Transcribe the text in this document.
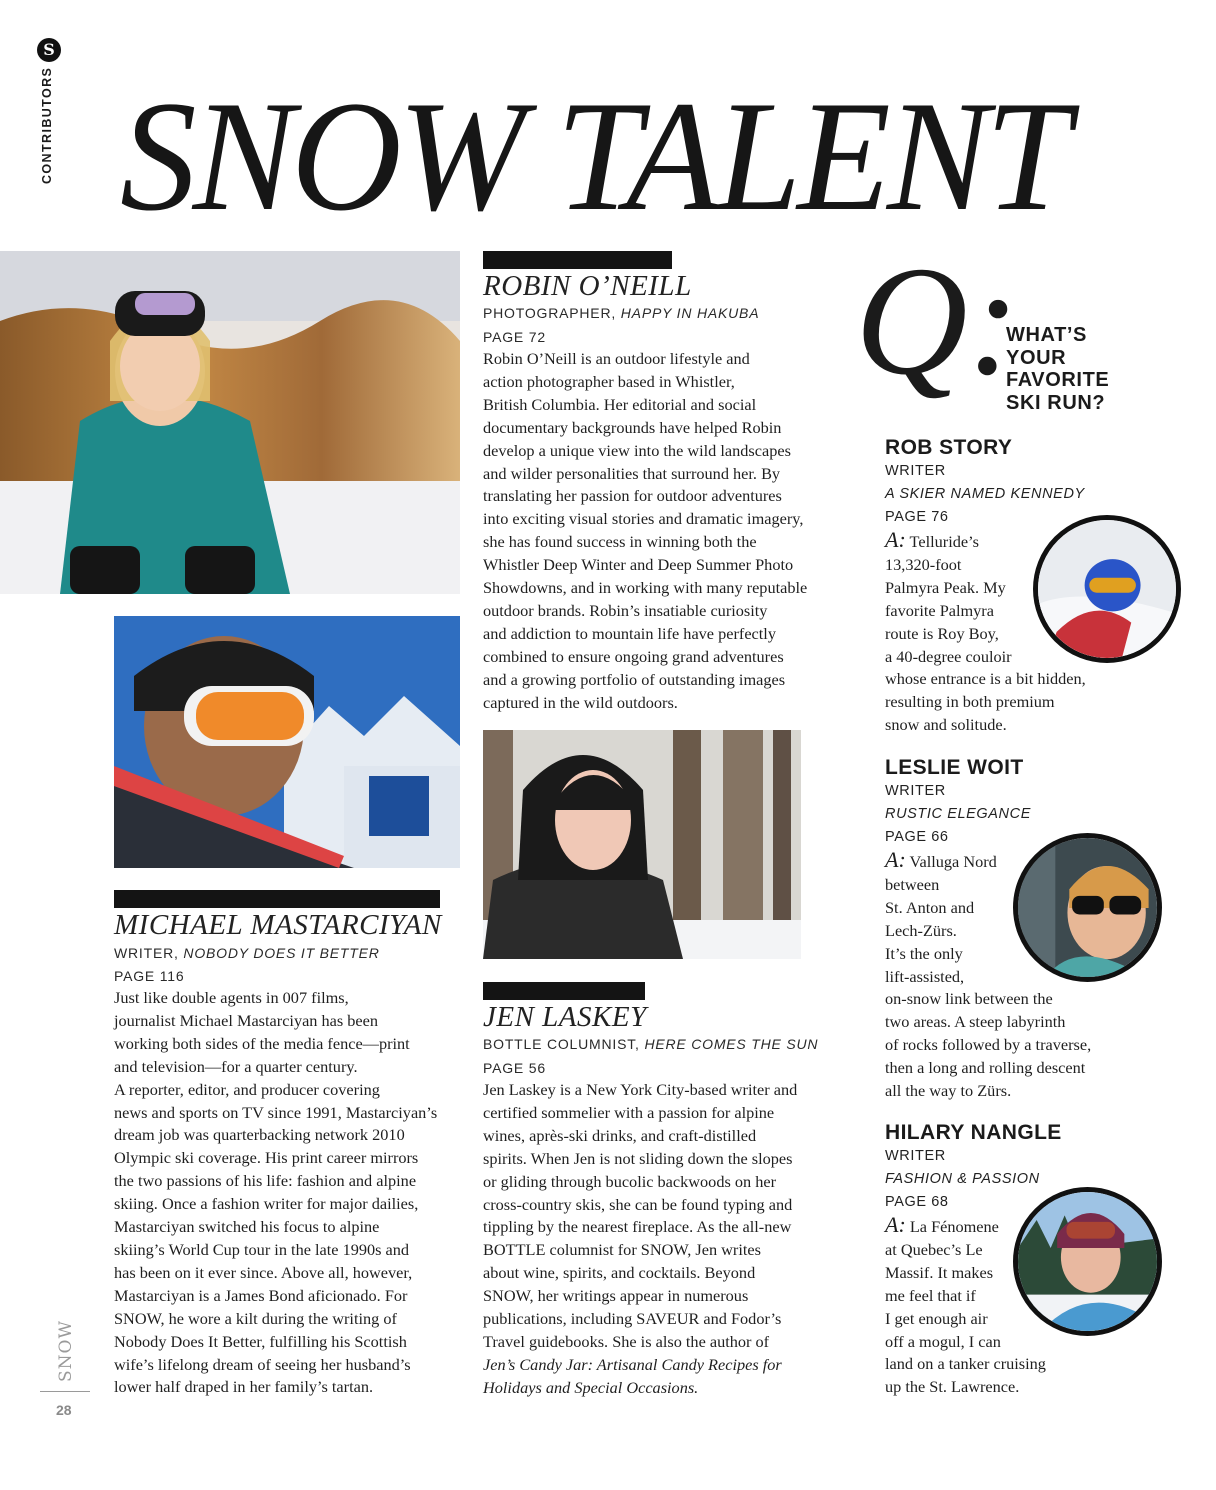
S
CONTRIBUTORS
SNOW
28
SNOW TALENT
ROBIN O’NEILL
PHOTOGRAPHER, HAPPY IN HAKUBA
PAGE 72
Robin O’Neill is an outdoor lifestyle and
action photographer based in Whistler,
British Columbia. Her editorial and social
documentary backgrounds have helped Robin
develop a unique view into the wild landscapes
and wilder personalities that surround her. By
translating her passion for outdoor adventures
into exciting visual stories and dramatic imagery,
she has found success in winning both the
Whistler Deep Winter and Deep Summer Photo
Showdowns, and in working with many reputable
outdoor brands. Robin’s insatiable curiosity
and addiction to mountain life have perfectly
combined to ensure ongoing grand adventures
and a growing portfolio of outstanding images
captured in the wild outdoors.
MICHAEL MASTARCIYAN
WRITER, NOBODY DOES IT BETTER
PAGE 116
Just like double agents in 007 films,
journalist Michael Mastarciyan has been
working both sides of the media fence—print
and television—for a quarter century.
A reporter, editor, and producer covering
news and sports on TV since 1991, Mastarciyan’s
dream job was quarterbacking network 2010
Olympic ski coverage. His print career mirrors
the two passions of his life: fashion and alpine
skiing. Once a fashion writer for major dailies,
Mastarciyan switched his focus to alpine
skiing’s World Cup tour in the late 1990s and
has been on it ever since. Above all, however,
Mastarciyan is a James Bond aficionado. For
SNOW, he wore a kilt during the writing of
Nobody Does It Better, fulfilling his Scottish
wife’s lifelong dream of seeing her husband’s
lower half draped in her family’s tartan.
JEN LASKEY
BOTTLE COLUMNIST, HERE COMES THE SUN
PAGE 56
Jen Laskey is a New York City-based writer and
certified sommelier with a passion for alpine
wines, après-ski drinks, and craft-distilled
spirits. When Jen is not sliding down the slopes
or gliding through bucolic backwoods on her
cross-country skis, she can be found typing and
tippling by the nearest fireplace. As the all-new
BOTTLE columnist for SNOW, Jen writes
about wine, spirits, and cocktails. Beyond
SNOW, her writings appear in numerous
publications, including SAVEUR and Fodor’s
Travel guidebooks. She is also the author of
Jen’s Candy Jar: Artisanal Candy Recipes for
Holidays and Special Occasions.
Q:
WHAT’S
YOUR
FAVORITE
SKI RUN?
ROB STORY
WRITER
A SKIER NAMED KENNEDY
PAGE 76
A: Telluride’s
13,320-foot
Palmyra Peak. My
favorite Palmyra
route is Roy Boy,
a 40-degree couloir
whose entrance is a bit hidden,
resulting in both premium
snow and solitude.
LESLIE WOIT
WRITER
RUSTIC ELEGANCE
PAGE 66
A: Valluga Nord
between
St. Anton and
Lech-Zürs.
It’s the only
lift-assisted,
on-snow link between the
two areas. A steep labyrinth
of rocks followed by a traverse,
then a long and rolling descent
all the way to Zürs.
HILARY NANGLE
WRITER
FASHION & PASSION
PAGE 68
A: La Fénomene
at Quebec’s Le
Massif. It makes
me feel that if
I get enough air
off a mogul, I can
land on a tanker cruising
up the St. Lawrence.
